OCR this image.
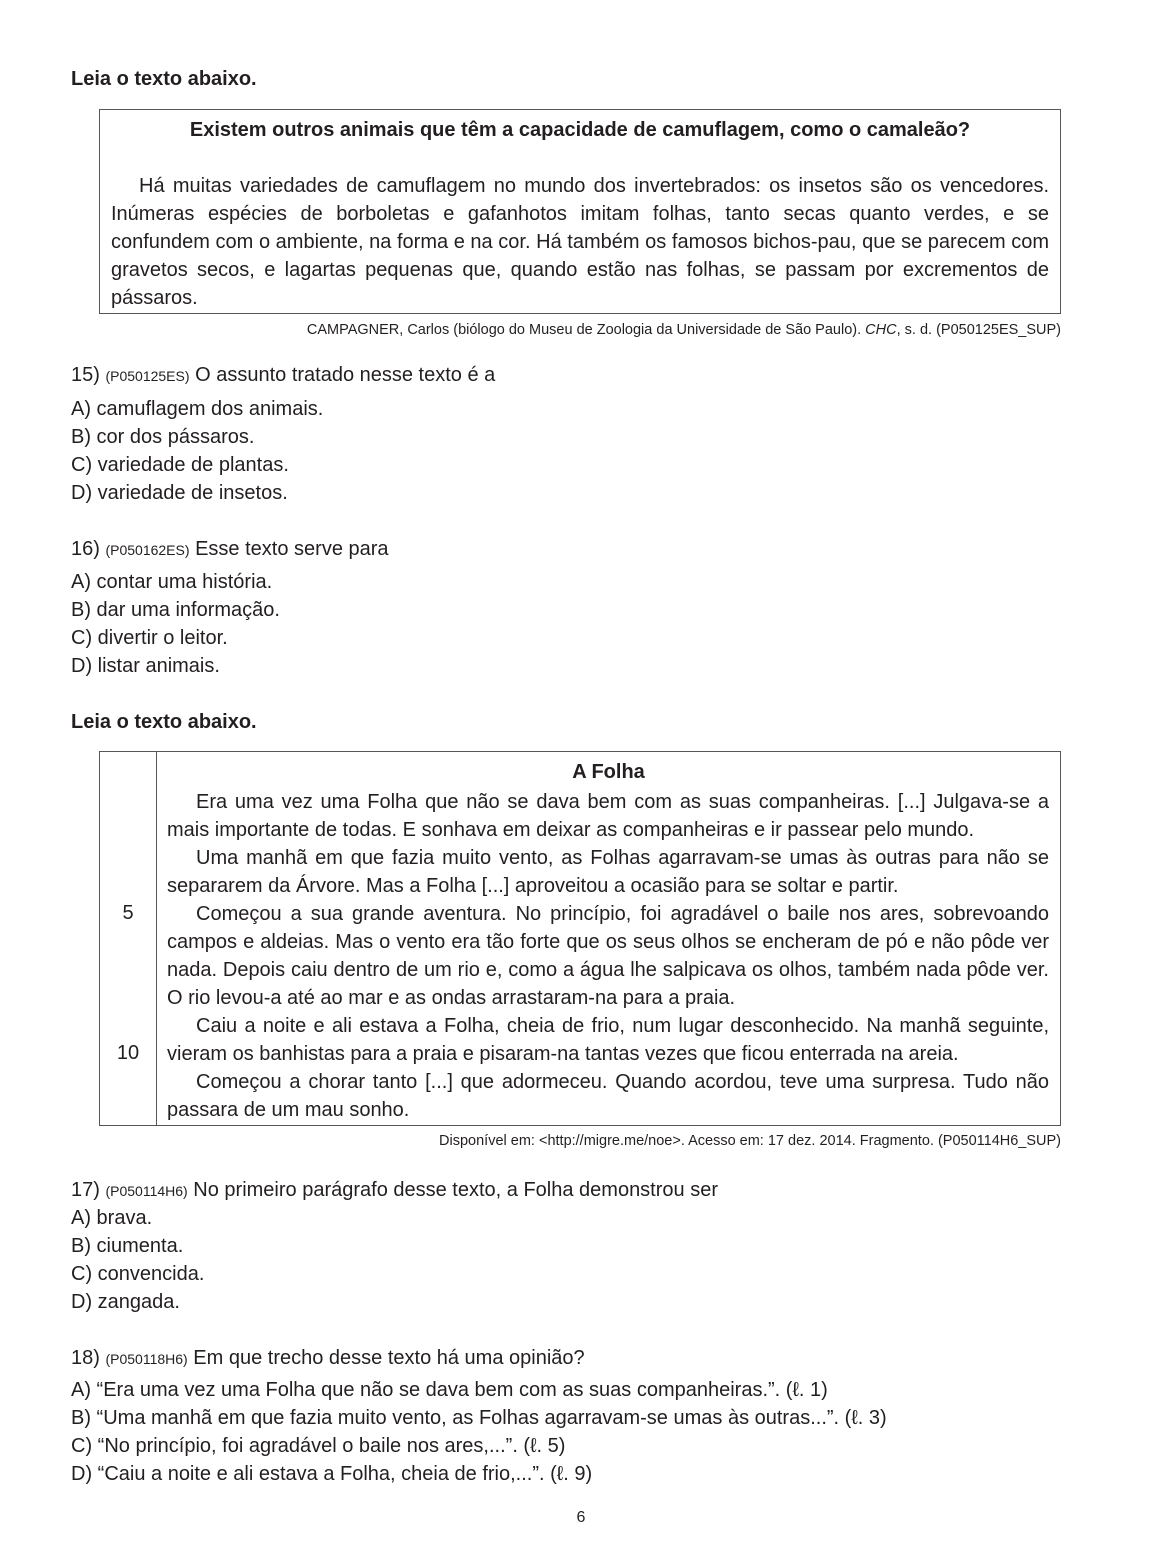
Leia o texto abaixo.
Existem outros animais que têm a capacidade de camuflagem, como o camaleão?
Há muitas variedades de camuflagem no mundo dos invertebrados: os insetos são os vencedores. Inúmeras espécies de borboletas e gafanhotos imitam folhas, tanto secas quanto verdes, e se confundem com o ambiente, na forma e na cor. Há também os famosos bichos-pau, que se parecem com gravetos secos, e lagartas pequenas que, quando estão nas folhas, se passam por excrementos de pássaros.
CAMPAGNER, Carlos (biólogo do Museu de Zoologia da Universidade de São Paulo). CHC, s. d. (P050125ES_SUP)
15) (P050125ES) O assunto tratado nesse texto é a
A) camuflagem dos animais.
B) cor dos pássaros.
C) variedade de plantas.
D) variedade de insetos.
16) (P050162ES) Esse texto serve para
A) contar uma história.
B) dar uma informação.
C) divertir o leitor.
D) listar animais.
Leia o texto abaixo.
5
10
A Folha

Era uma vez uma Folha que não se dava bem com as suas companheiras. [...] Julgava-se a mais importante de todas. E sonhava em deixar as companheiras e ir passear pelo mundo.

Uma manhã em que fazia muito vento, as Folhas agarravam-se umas às outras para não se separarem da Árvore. Mas a Folha [...] aproveitou a ocasião para se soltar e partir.

Começou a sua grande aventura. No princípio, foi agradável o baile nos ares, sobrevoando campos e aldeias. Mas o vento era tão forte que os seus olhos se encheram de pó e não pôde ver nada. Depois caiu dentro de um rio e, como a água lhe salpicava os olhos, também nada pôde ver. O rio levou-a até ao mar e as ondas arrastaram-na para a praia.

Caiu a noite e ali estava a Folha, cheia de frio, num lugar desconhecido. Na manhã seguinte, vieram os banhistas para a praia e pisaram-na tantas vezes que ficou enterrada na areia.

Começou a chorar tanto [...] que adormeceu. Quando acordou, teve uma surpresa. Tudo não passara de um mau sonho.

Disponível em: <http://migre.me/noe>. Acesso em: 17 dez. 2014. Fragmento. (P050114H6_SUP)
17) (P050114H6) No primeiro parágrafo desse texto, a Folha demonstrou ser
A) brava.
B) ciumenta.
C) convencida.
D) zangada.
18) (P050118H6) Em que trecho desse texto há uma opinião?
A) “Era uma vez uma Folha que não se dava bem com as suas companheiras.”. (ℓ. 1)
B) “Uma manhã em que fazia muito vento, as Folhas agarravam-se umas às outras...”. (ℓ. 3)
C) “No princípio, foi agradável o baile nos ares,...”. (ℓ. 5)
D) “Caiu a noite e ali estava a Folha, cheia de frio,...”. (ℓ. 9)
6
